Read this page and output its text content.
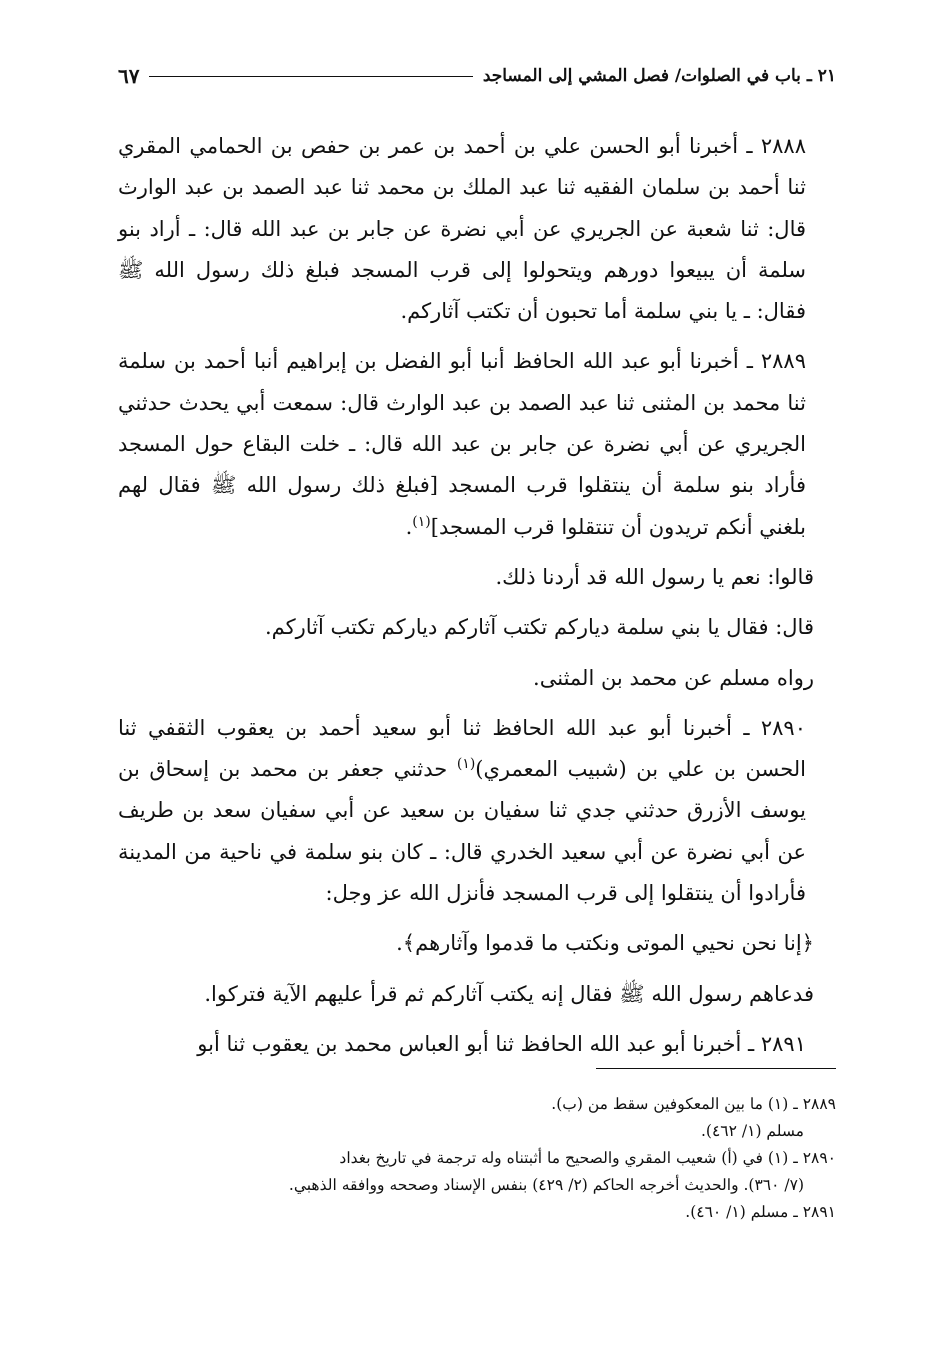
٢١ ـ باب في الصلوات/ فصل المشي إلى المساجد
٦٧

٢٨٨٨ ـ أخبرنا أبو الحسن علي بن أحمد بن عمر بن حفص بن الحمامي المقري ثنا أحمد بن سلمان الفقيه ثنا عبد الملك بن محمد ثنا عبد الصمد بن عبد الوارث قال: ثنا شعبة عن الجريري عن أبي نضرة عن جابر بن عبد الله قال: ـ أراد بنو سلمة أن يبيعوا دورهم ويتحولوا إلى قرب المسجد فبلغ ذلك رسول الله ﷺ فقال: ـ يا بني سلمة أما تحبون أن تكتب آثاركم.

٢٨٨٩ ـ أخبرنا أبو عبد الله الحافظ أنبا أبو الفضل بن إبراهيم أنبا أحمد بن سلمة ثنا محمد بن المثنى ثنا عبد الصمد بن عبد الوارث قال: سمعت أبي يحدث حدثني الجريري عن أبي نضرة عن جابر بن عبد الله قال: ـ خلت البقاع حول المسجد فأراد بنو سلمة أن ينتقلوا قرب المسجد [فبلغ ذلك رسول الله ﷺ فقال لهم بلغني أنكم تريدون أن تنتقلوا قرب المسجد]$^{(١)}$.

قالوا: نعم يا رسول الله قد أردنا ذلك.

قال: فقال يا بني سلمة دياركم تكتب آثاركم دياركم تكتب آثاركم.

رواه مسلم عن محمد بن المثنى.

٢٨٩٠ ـ أخبرنا أبو عبد الله الحافظ ثنا أبو سعيد أحمد بن يعقوب الثقفي ثنا الحسن بن علي بن (شبيب المعمري)$^{(١)}$ حدثني جعفر بن محمد بن إسحاق بن يوسف الأزرق حدثني جدي ثنا سفيان بن سعيد عن أبي سفيان سعد بن طريف عن أبي نضرة عن أبي سعيد الخدري قال: ـ كان بنو سلمة في ناحية من المدينة فأرادوا أن ينتقلوا إلى قرب المسجد فأنزل الله عز وجل:

﴿إنا نحن نحيي الموتى ونكتب ما قدموا وآثارهم﴾.

فدعاهم رسول الله ﷺ فقال إنه يكتب آثاركم ثم قرأ عليهم الآية فتركوا.

٢٨٩١ ـ أخبرنا أبو عبد الله الحافظ ثنا أبو العباس محمد بن يعقوب ثنا أبو

٢٨٨٩ ـ (١) ما بين المعكوفين سقط من (ب).

مسلم (١/ ٤٦٢).

٢٨٩٠ ـ (١) في (أ) شعيب المقري والصحيح ما أثبتناه وله ترجمة في تاريخ بغداد

(٧/ ٣٦٠). والحديث أخرجه الحاكم (٢/ ٤٢٩) بنفس الإسناد وصححه ووافقه الذهبي.

٢٨٩١ ـ مسلم (١/ ٤٦٠).
